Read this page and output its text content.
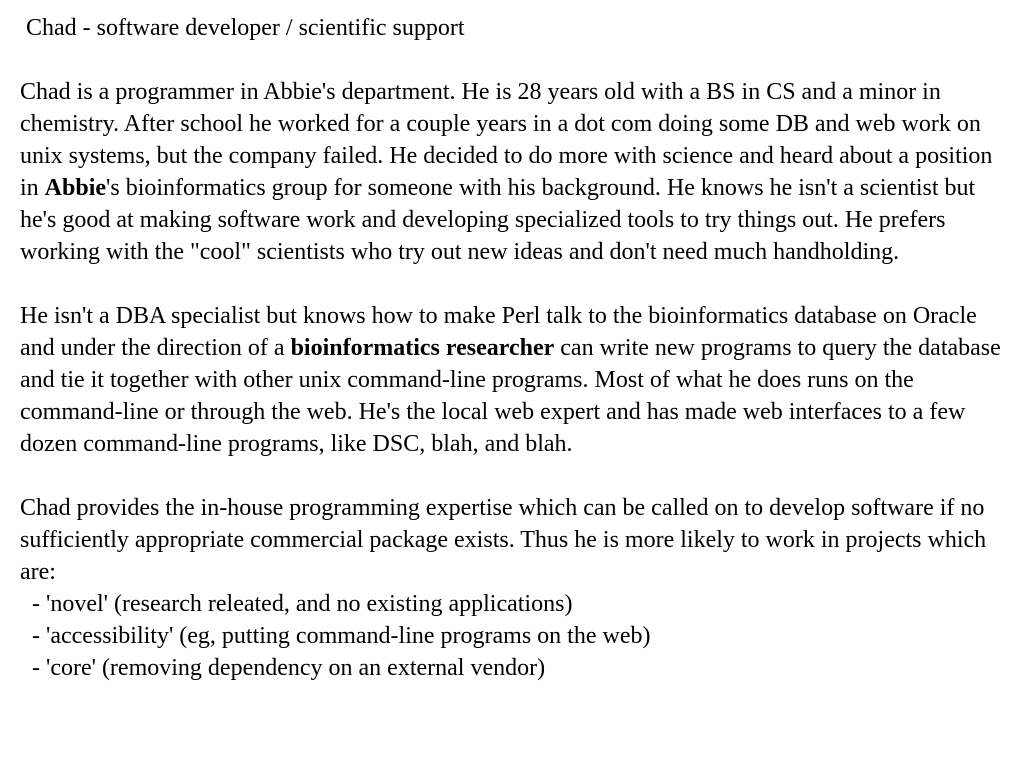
Chad - software developer / scientific support

Chad is a programmer in Abbie's department. He is 28 years old with a BS in CS and a minor in chemistry. After school he worked for a couple years in a dot com doing some DB and web work on unix systems, but the company failed. He decided to do more with science and heard about a position in Abbie's bioinformatics group for someone with his background. He knows he isn't a scientist but he's good at making software work and developing specialized tools to try things out. He prefers working with the "cool" scientists who try out new ideas and don't need much handholding.

He isn't a DBA specialist but knows how to make Perl talk to the bioinformatics database on Oracle and under the direction of a bioinformatics researcher can write new programs to query the database and tie it together with other unix command-line programs. Most of what he does runs on the command-line or through the web. He's the local web expert and has made web interfaces to a few dozen command-line programs, like DSC, blah, and blah.

Chad provides the in-house programming expertise which can be called on to develop software if no sufficiently appropriate commercial package exists. Thus he is more likely to work in projects which are:

- 'novel' (research releated, and no existing applications)
- 'accessibility' (eg, putting command-line programs on the web)
- 'core' (removing dependency on an external vendor)
